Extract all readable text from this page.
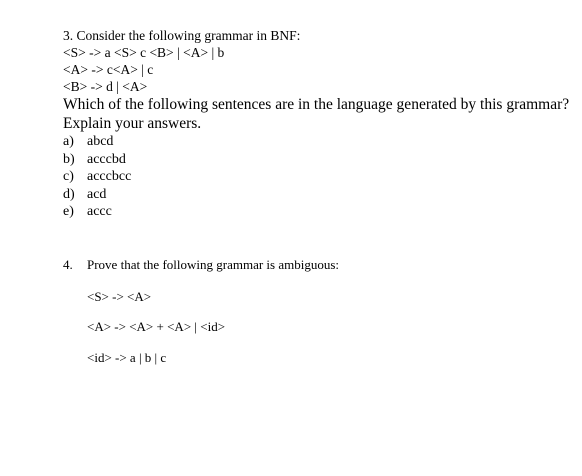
3. Consider the following grammar in BNF:
<S> -> a <S> c <B> | <A> | b
<A> -> c<A> | c
<B> -> d | <A>
Which of the following sentences are in the language generated by this grammar?
Explain your answers.
a) abcd
b) acccbd
c) acccbcc
d) acd
e) accc
4. Prove that the following grammar is ambiguous:
<S> -> <A>
<A> -> <A> + <A> | <id>
<id> -> a | b | c
